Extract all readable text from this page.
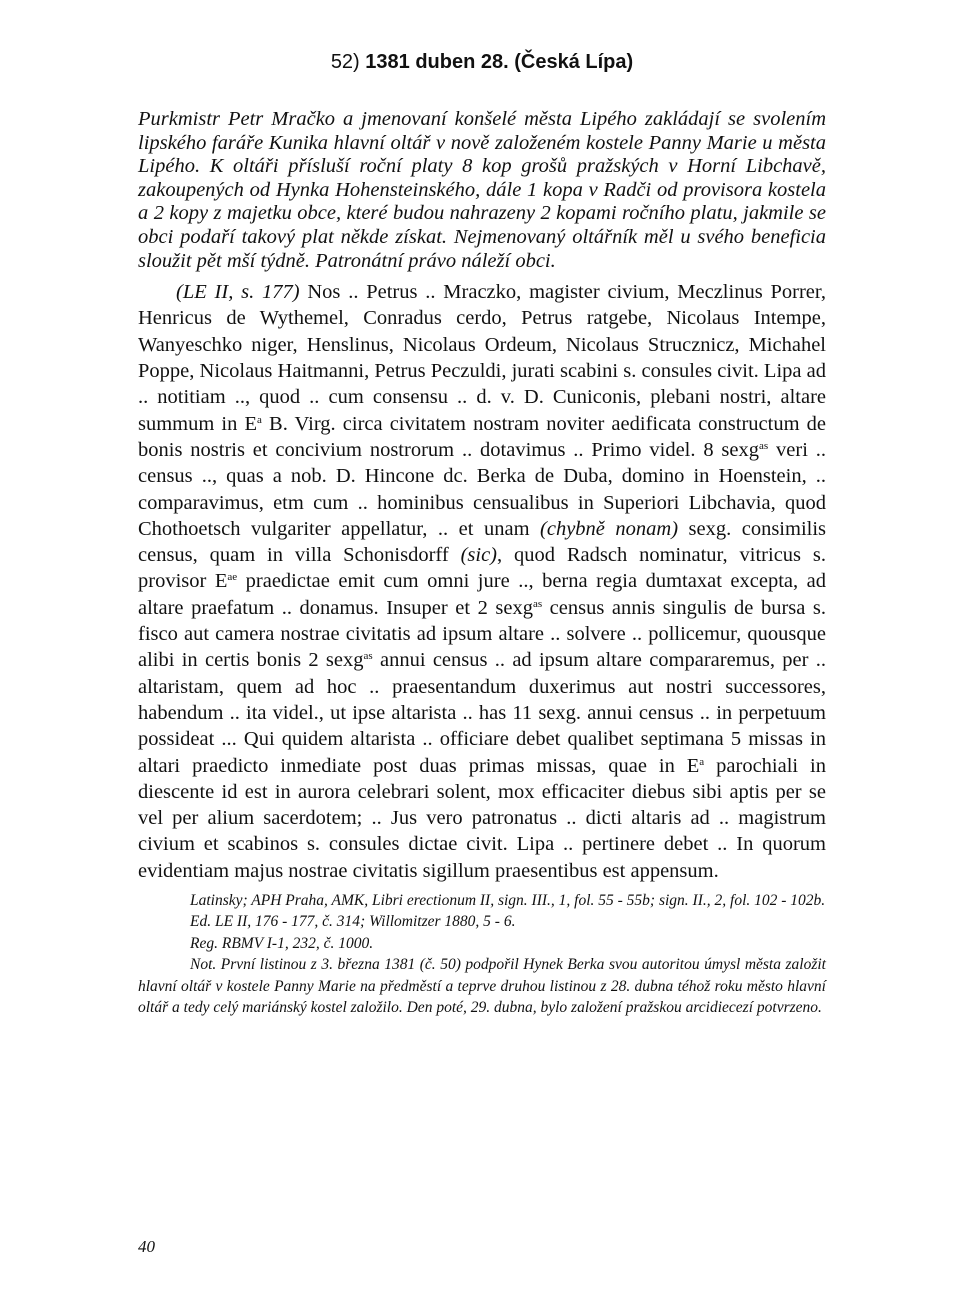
52) 1381 duben 28. (Česká Lípa)

Purkmistr Petr Mračko a jmenovaní konšelé města Lipého zakládají se svolením lipského faráře Kunika hlavní oltář v nově založeném kostele Panny Marie u města Lipého. K oltáři přísluší roční platy 8 kop grošů pražských v Horní Libchavě, zakoupených od Hynka Hohensteinského, dále 1 kopa v Radči od provisora kostela a 2 kopy z majetku obce, které budou nahrazeny 2 kopami ročního platu, jakmile se obci podaří takový plat někde získat. Nejmenovaný oltářník měl u svého beneficia sloužit pět mší týdně. Patronátní právo náleží obci.

(LE II, s. 177) Nos .. Petrus .. Mraczko, magister civium, Meczlinus Porrer, Henricus de Wythemel, Conradus cerdo, Petrus ratgebe, Nicolaus Intempe, Wanyeschko niger, Henslinus, Nicolaus Ordeum, Nicolaus Strucznicz, Michahel Poppe, Nicolaus Haitmanni, Petrus Peczuldi, jurati scabini s. consules civit. Lipa ad .. notitiam .., quod .. cum consensu .. d. v. D. Cuniconis, plebani nostri, altare summum in $E^a$ B. Virg. circa civitatem nostram noviter aedificata constructum de bonis nostris et concivium nostrorum .. dotavimus .. Primo videl. 8 sexg$^{as}$ veri .. census .., quas a nob. D. Hincone dc. Berka de Duba, domino in Hoenstein, .. comparavimus, etm cum .. hominibus censualibus in Superiori Libchavia, quod Chothoetsch vulgariter appellatur, .. et unam (chybně nonam) sexg. consimilis census, quam in villa Schonisdorff (sic), quod Radsch nominatur, vitricus s. provisor $E^{ae}$ praedictae emit cum omni jure .., berna regia dumtaxat excepta, ad altare praefatum .. donamus. Insuper et 2 sexg$^{as}$ census annis singulis de bursa s. fisco aut camera nostrae civitatis ad ipsum altare .. solvere .. pollicemur, quousque alibi in certis bonis 2 sexg$^{as}$ annui census .. ad ipsum altare compararemus, per .. altaristam, quem ad hoc .. praesentandum duxerimus aut nostri successores, habendum .. ita videl., ut ipse altarista .. has 11 sexg. annui census .. in perpetuum possideat ... Qui quidem altarista .. officiare debet qualibet septimana 5 missas in altari praedicto inmediate post duas primas missas, quae in $E^a$ parochiali in diescente id est in aurora celebrari solent, mox efficaciter diebus sibi aptis per se vel per alium sacerdotem; .. Jus vero patronatus .. dicti altaris ad .. magistrum civium et scabinos s. consules dictae civit. Lipa .. pertinere debet .. In quorum evidentiam majus nostrae civitatis sigillum praesentibus est appensum.

Latinsky; APH Praha, AMK, Libri erectionum II, sign. III., 1, fol. 55 - 55b; sign. II., 2, fol. 102 - 102b.

Ed. LE II, 176 - 177, č. 314; Willomitzer 1880, 5 - 6.

Reg. RBMV I-1, 232, č. 1000.

Not. První listinou z 3. března 1381 (č. 50) podpořil Hynek Berka svou autoritou úmysl města založit hlavní oltář v kostele Panny Marie na předměstí a teprve druhou listinou z 28. dubna téhož roku město hlavní oltář a tedy celý mariánský kostel založilo. Den poté, 29. dubna, bylo založení pražskou arcidiecezí potvrzeno.

40
